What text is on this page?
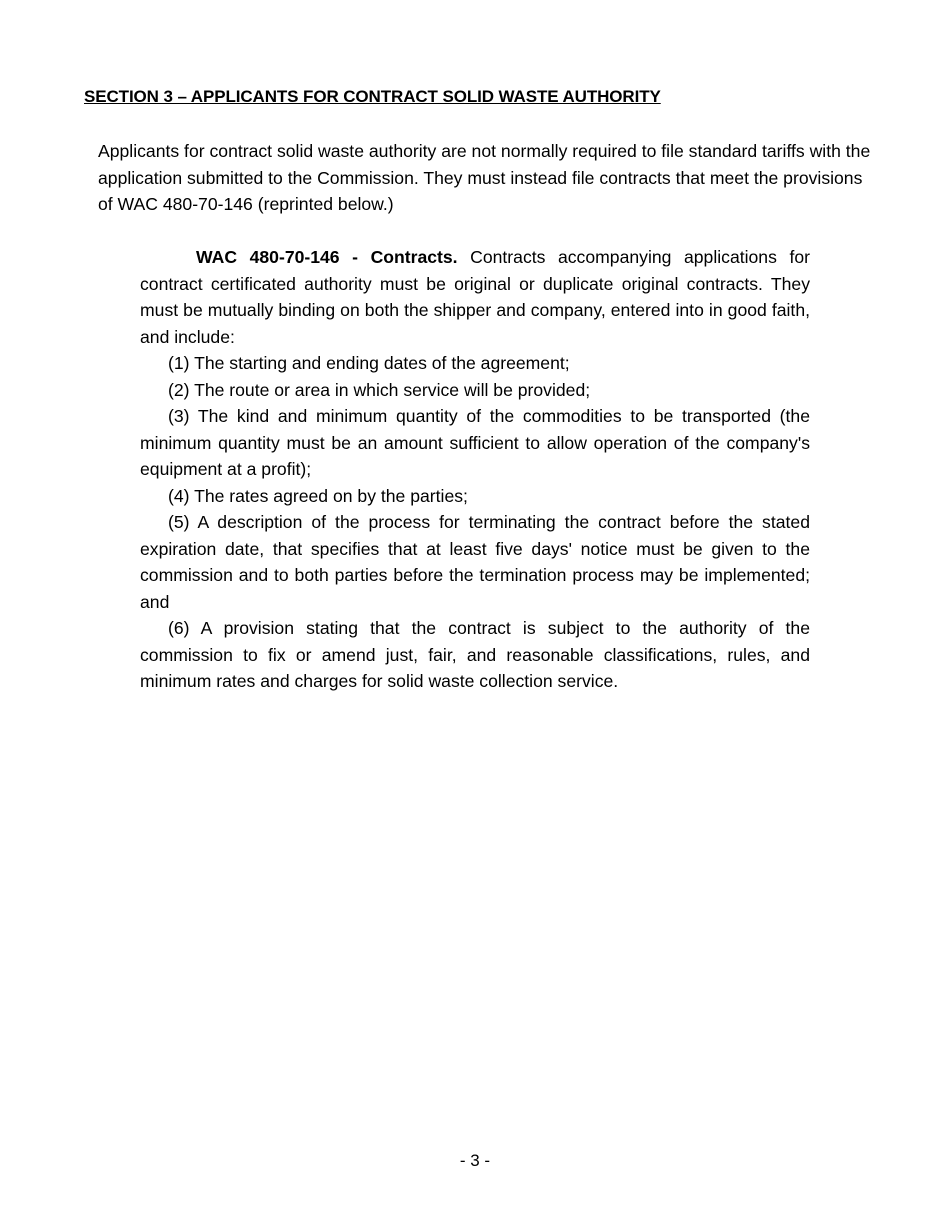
SECTION 3 – APPLICANTS FOR CONTRACT SOLID WASTE AUTHORITY

Applicants for contract solid waste authority are not normally required to file standard tariffs with the application submitted to the Commission. They must instead file contracts that meet the provisions of WAC 480-70-146 (reprinted below.)

WAC 480-70-146 - Contracts. Contracts accompanying applications for contract certificated authority must be original or duplicate original contracts. They must be mutually binding on both the shipper and company, entered into in good faith, and include:

(1) The starting and ending dates of the agreement;

(2) The route or area in which service will be provided;

(3) The kind and minimum quantity of the commodities to be transported (the minimum quantity must be an amount sufficient to allow operation of the company's equipment at a profit);

(4) The rates agreed on by the parties;

(5) A description of the process for terminating the contract before the stated expiration date, that specifies that at least five days' notice must be given to the commission and to both parties before the termination process may be implemented; and

(6) A provision stating that the contract is subject to the authority of the commission to fix or amend just, fair, and reasonable classifications, rules, and minimum rates and charges for solid waste collection service.

- 3 -
